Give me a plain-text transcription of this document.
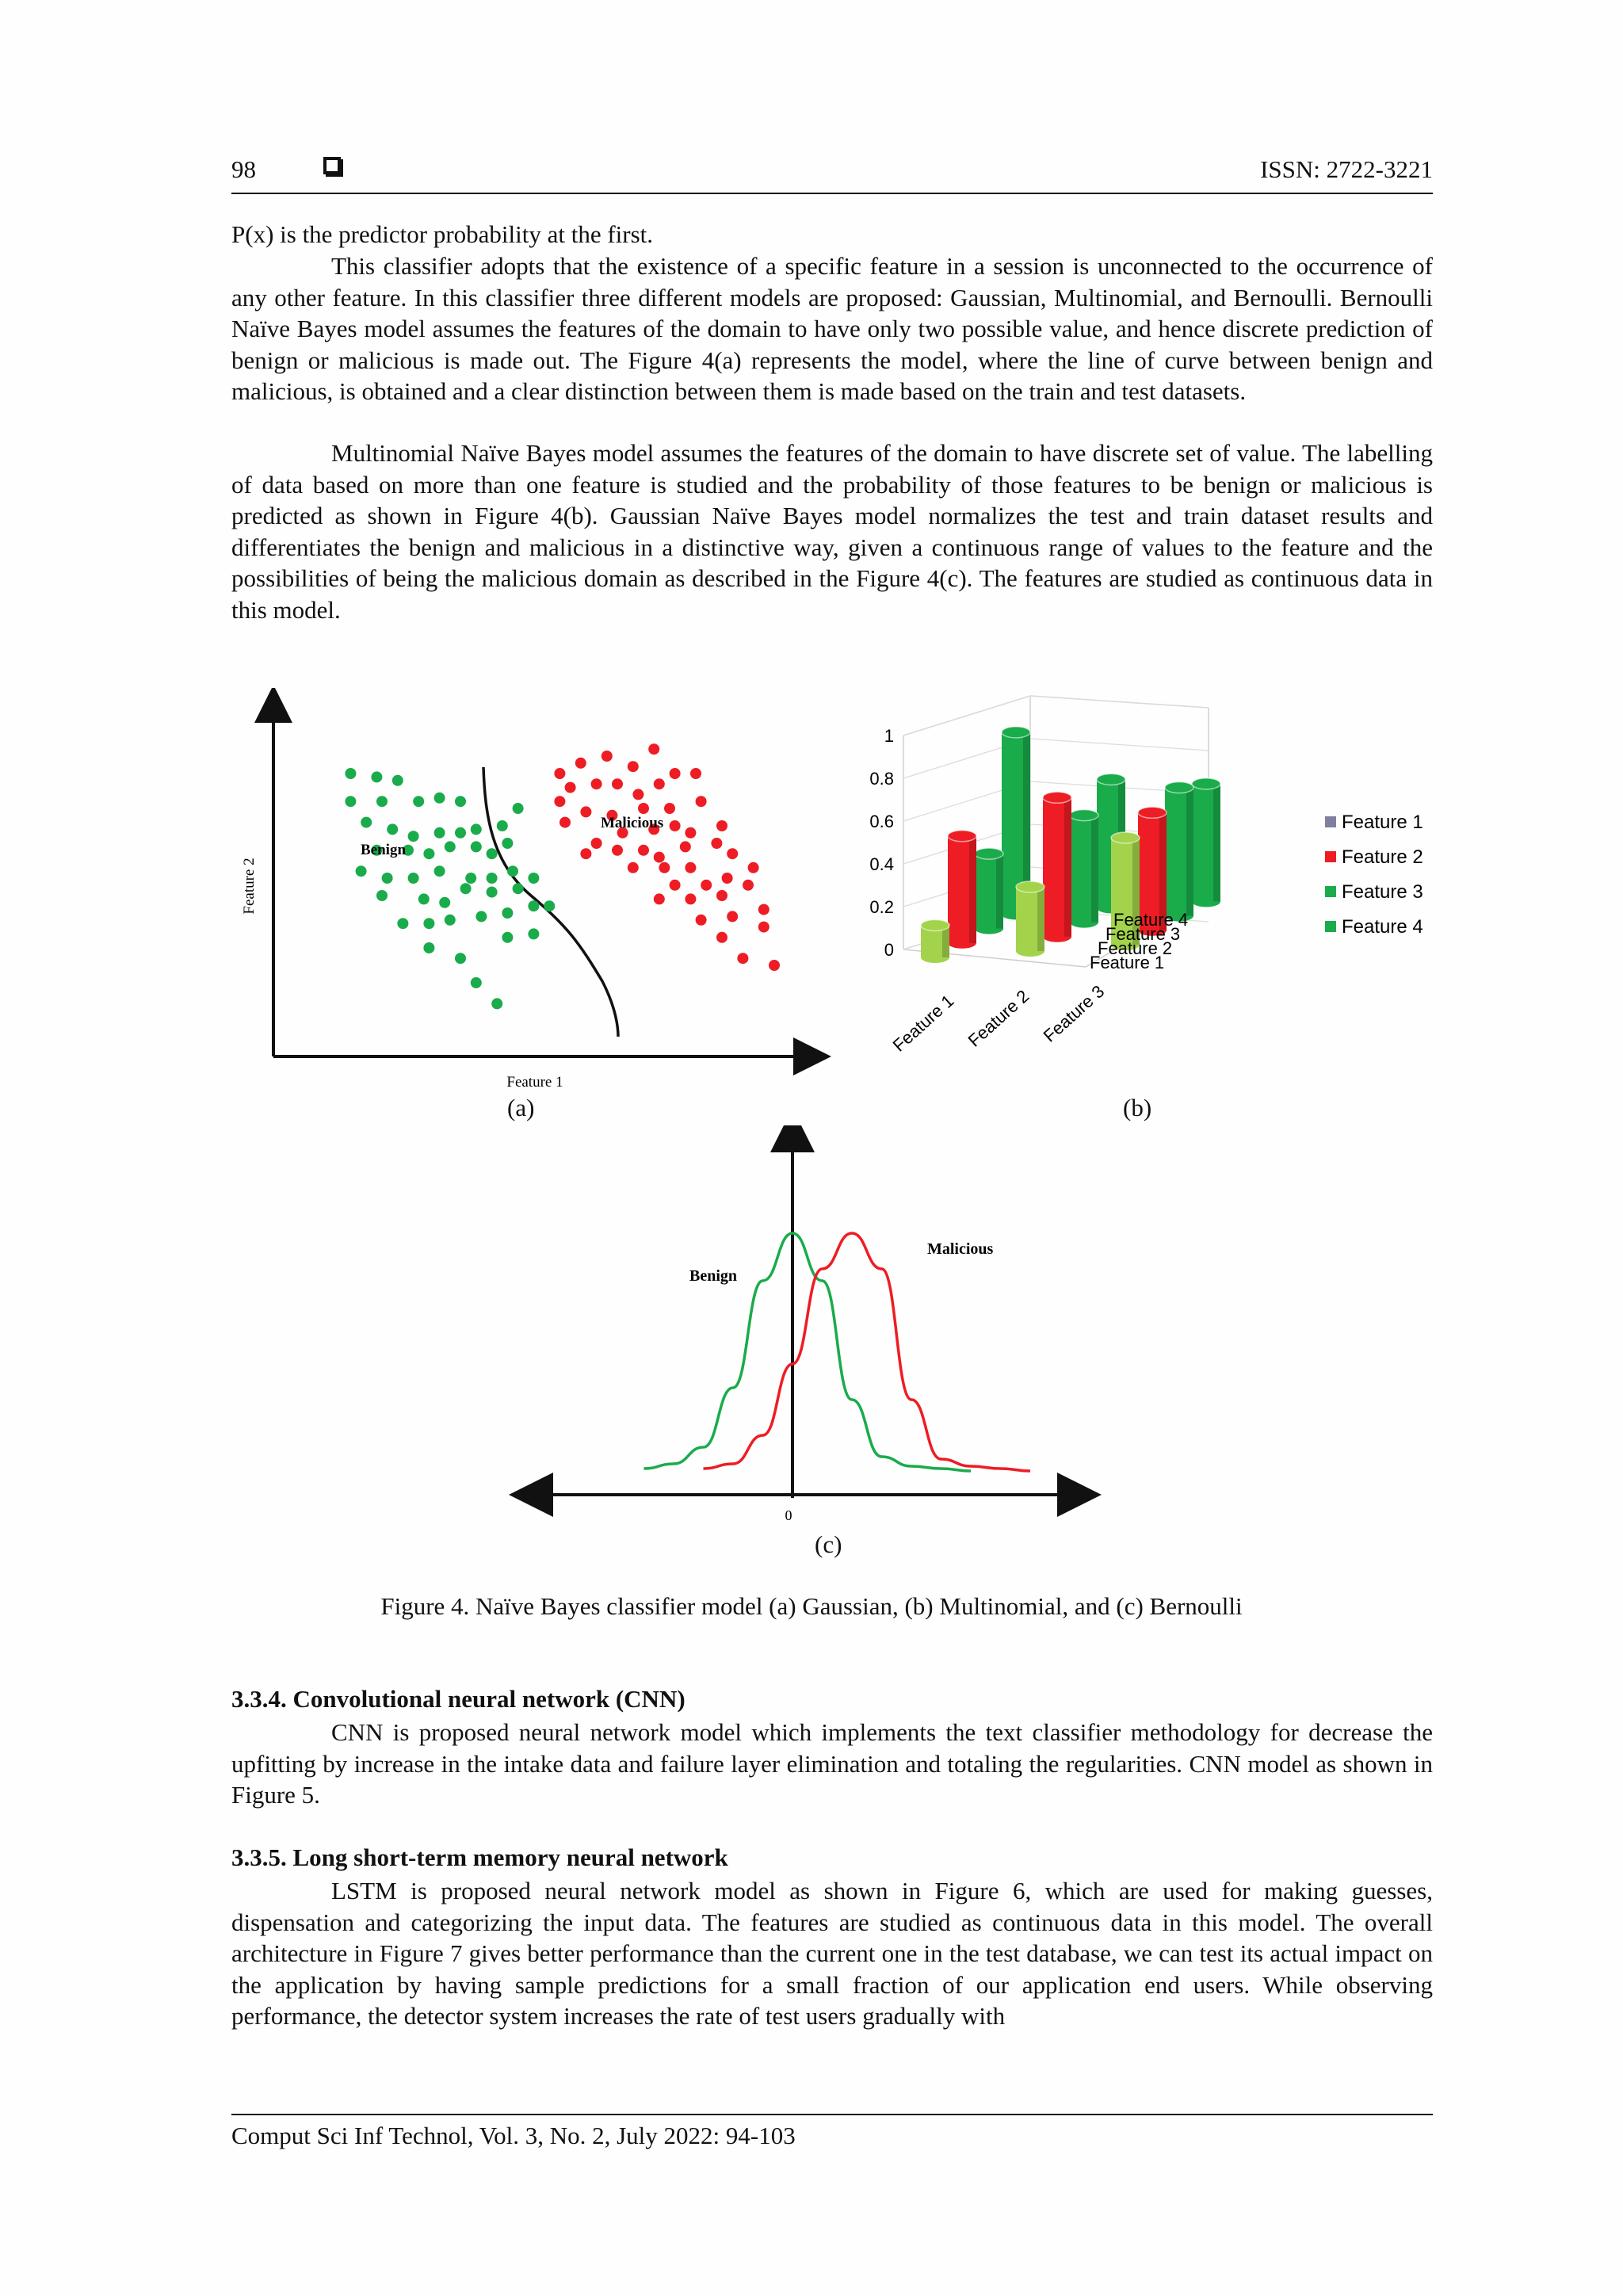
98	ISSN: 2722-3221

P(x) is the predictor probability at the first.

This classifier adopts that the existence of a specific feature in a session is unconnected to the occurrence of any other feature. In this classifier three different models are proposed: Gaussian, Multinomial, and Bernoulli. Bernoulli Naïve Bayes model assumes the features of the domain to have only two possible value, and hence discrete prediction of benign or malicious is made out. The Figure 4(a) represents the model, where the line of curve between benign and malicious, is obtained and a clear distinction between them is made based on the train and test datasets.

Multinomial Naïve Bayes model assumes the features of the domain to have discrete set of value. The labelling of data based on more than one feature is studied and the probability of those features to be benign or malicious is predicted as shown in Figure 4(b). Gaussian Naïve Bayes model normalizes the test and train dataset results and differentiates the benign and malicious in a distinctive way, given a continuous range of values to the feature and the possibilities of being the malicious domain as described in the Figure 4(c). The features are studied as continuous data in this model.

Benign
Malicious
Feature 1
Feature 2
1
0.8
0.6
0.4
0.2
0
Feature 4
Feature 3
Feature 2
Feature 1
Feature 1 Feature 2 Feature 3
Feature 1
Feature 2
Feature 3
Feature 4
(a)	(b)
Benign
Malicious
0
(c)
Figure 4. Naïve Bayes classifier model (a) Gaussian, (b) Multinomial, and (c) Bernoulli
3.3.4. Convolutional neural network (CNN)

CNN is proposed neural network model which implements the text classifier methodology for decrease the upfitting by increase in the intake data and failure layer elimination and totaling the regularities. CNN model as shown in Figure 5.

3.3.5. Long short-term memory neural network

LSTM is proposed neural network model as shown in Figure 6, which are used for making guesses, dispensation and categorizing the input data. The features are studied as continuous data in this model. The overall architecture in Figure 7 gives better performance than the current one in the test database, we can test its actual impact on the application by having sample predictions for a small fraction of our application end users. While observing performance, the detector system increases the rate of test users gradually with

Comput Sci Inf Technol, Vol. 3, No. 2, July 2022: 94-103
